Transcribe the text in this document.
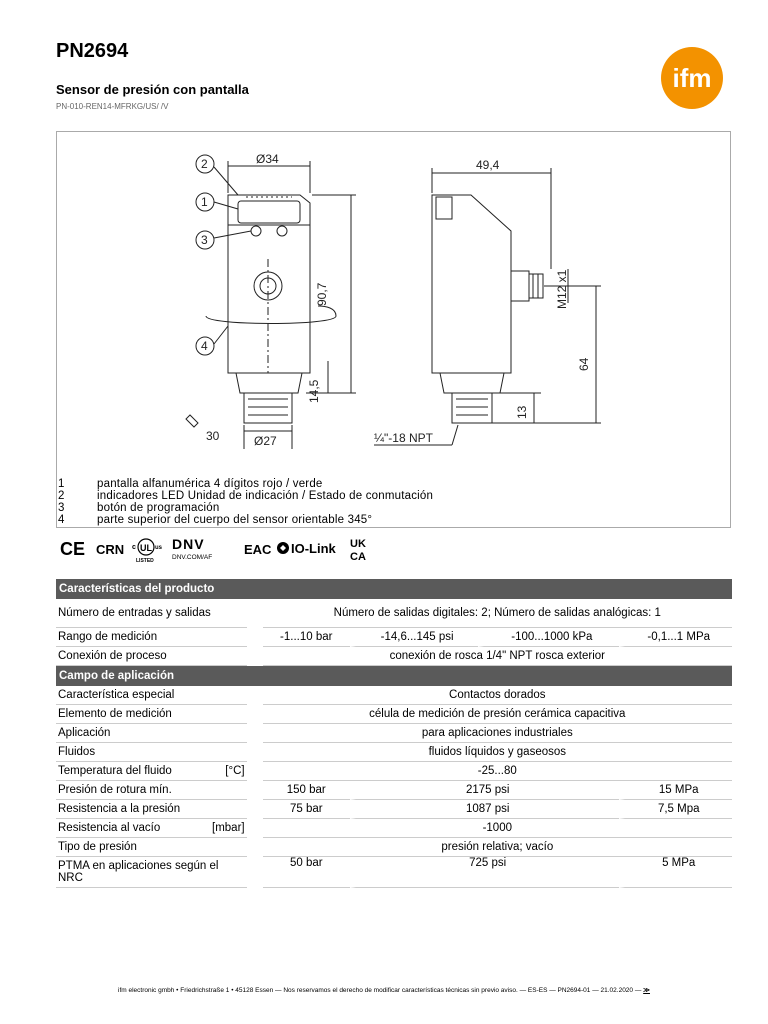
PN2694
Sensor de presión con pantalla
PN-010-REN14-MFRKG/US/ /V
ifm
Ø34
Ø27
90,7
14,5
30
2
1
3
4
49,4
M12 x1
64
13
¼"-18 NPT
1	pantalla alfanumérica 4 dígitos rojo / verde
2	indicadores LED Unidad de indicación / Estado de conmutación
3	botón de programación
4	parte superior del cuerpo del sensor orientable 345°
CE CRN UL
c	us
LISTED
DNV
DNV.COM/AF
EAC IO-Link UK
CA
Características del producto						
Número de entradas y salidas			Número de salidas digitales: 2; Número de salidas analógicas: 1			
Rango de medición			-1...10 bar	-14,6...145 psi	-100...1000 kPa	-0,1...1 MPa
Conexión de proceso			conexión de rosca 1/4" NPT rosca exterior			
Campo de aplicación						
Característica especial			Contactos dorados			
Elemento de medición			célula de medición de presión cerámica capacitiva			
Aplicación			para aplicaciones industriales			
Fluidos			fluidos líquidos y gaseosos			
Temperatura del fluido	[°C]		-25...80			
Presión de rotura mín.			150 bar	2175 psi		15 MPa
Resistencia a la presión			75 bar	1087 psi		7,5 Mpa
Resistencia al vacío	[mbar]		-1000			
Tipo de presión			presión relativa; vacío			
PTMA en aplicaciones según el NRC			50 bar	725 psi		5 MPa
ifm electronic gmbh • Friedrichstraße 1 • 45128 Essen — Nos reservamos el derecho de modificar características técnicas sin previo aviso. — ES-ES — PN2694-01 — 21.02.2020 — ≫
